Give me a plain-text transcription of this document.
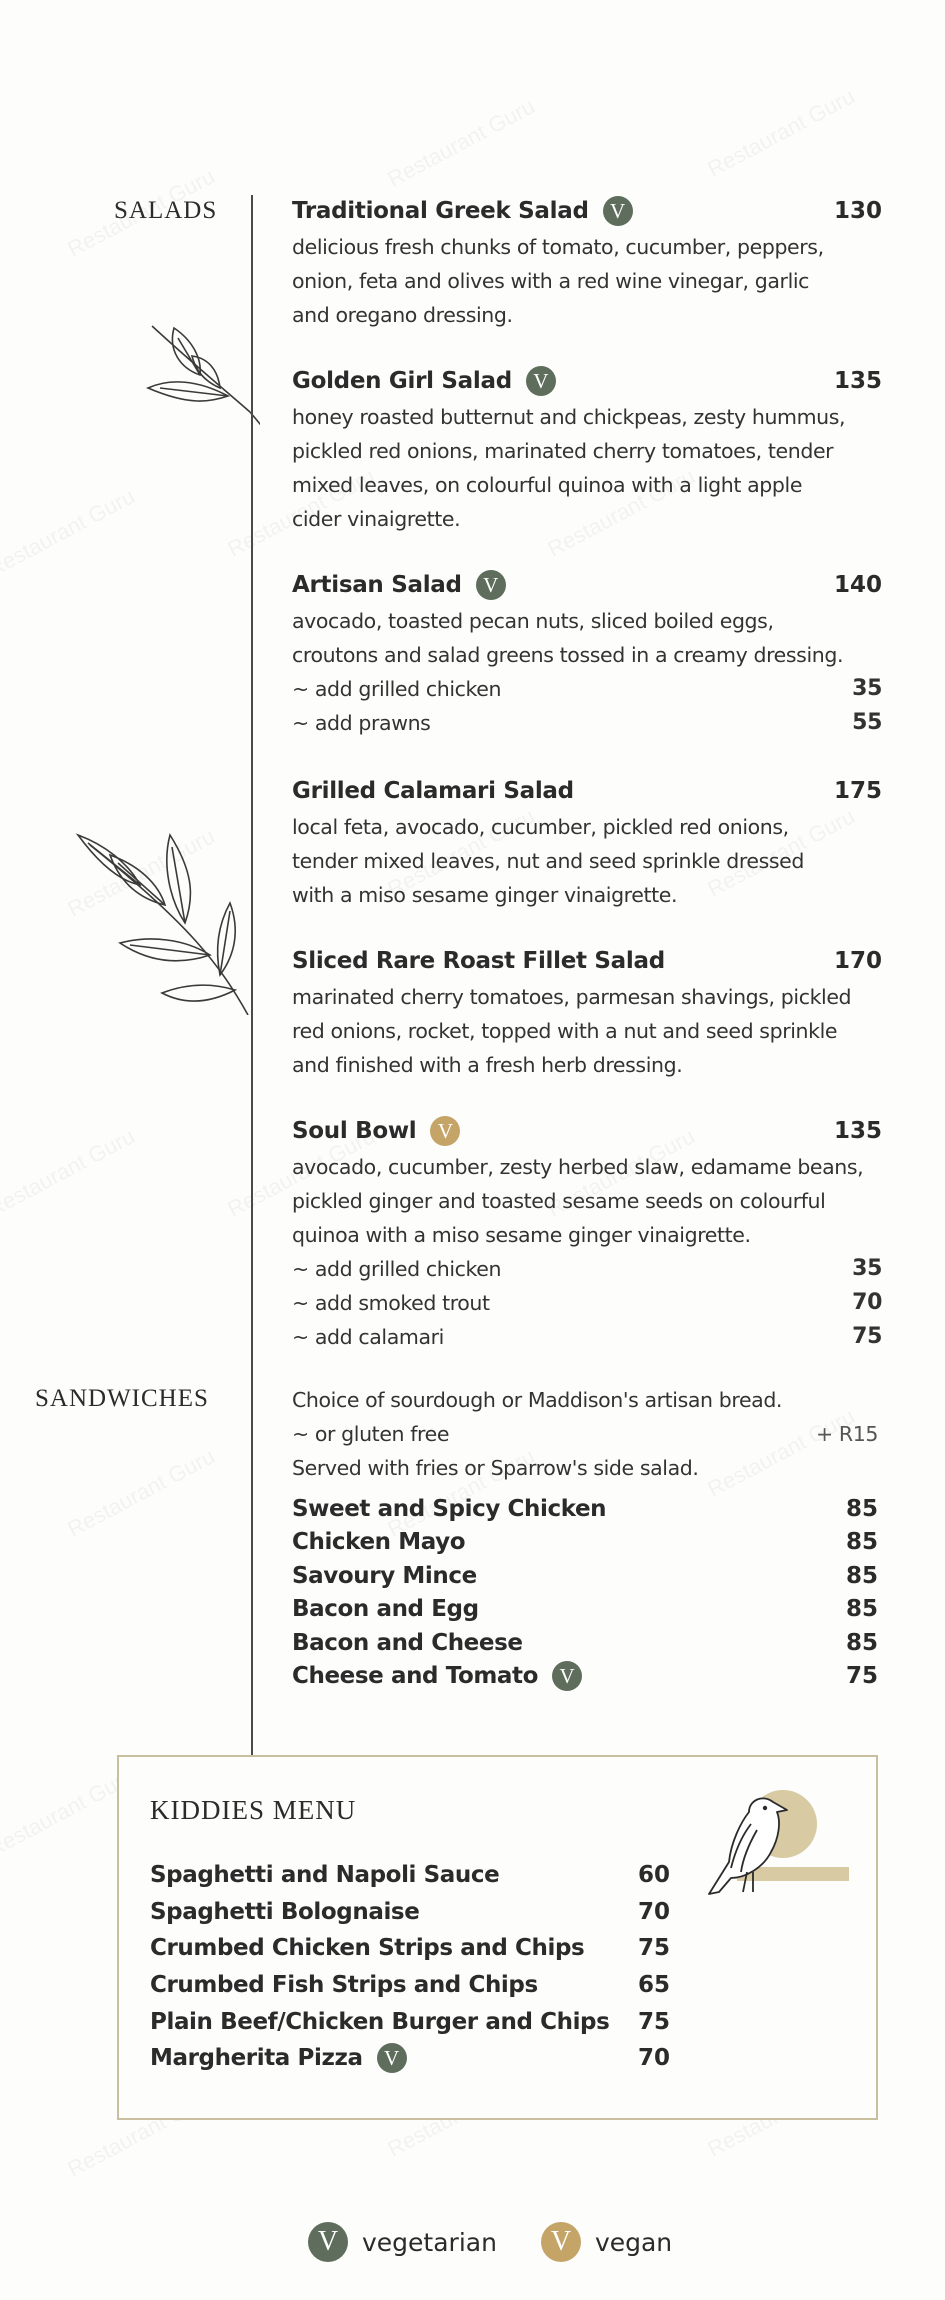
SALADS	Traditional Greek Salad	V	130
delicious fresh chunks of tomato, cucumber, peppers,
onion, feta and olives with a red wine vinegar, garlic
and oregano dressing.
Golden Girl Salad	V	135
honey roasted butternut and chickpeas, zesty hummus,
pickled red onions, marinated cherry tomatoes, tender
mixed leaves, on colourful quinoa with a light apple
cider vinaigrette.
Artisan Salad	V	140
avocado, toasted pecan nuts, sliced boiled eggs,
croutons and salad greens tossed in a creamy dressing.
~ add grilled chicken	35
~ add prawns	55
Grilled Calamari Salad	175
local feta, avocado, cucumber, pickled red onions,
tender mixed leaves, nut and seed sprinkle dressed
with a miso sesame ginger vinaigrette.
Sliced Rare Roast Fillet Salad	170
marinated cherry tomatoes, parmesan shavings, pickled
red onions, rocket, topped with a nut and seed sprinkle
and finished with a fresh herb dressing.
Soul Bowl	V	135
avocado, cucumber, zesty herbed slaw, edamame beans,
pickled ginger and toasted sesame seeds on colourful
quinoa with a miso sesame ginger vinaigrette.
~ add grilled chicken	35
~ add smoked trout	70
~ add calamari	75
SANDWICHES	Choice of sourdough or Maddison's artisan bread.
~ or gluten free	+ R15
Served with fries or Sparrow's side salad.
Sweet and Spicy Chicken	85
Chicken Mayo	85
Savoury Mince	85
Bacon and Egg	85
Bacon and Cheese	85
Cheese and Tomato	V	75
KIDDIES MENU
Spaghetti and Napoli Sauce	60
Spaghetti Bolognaise	70
Crumbed Chicken Strips and Chips 75
Crumbed Fish Strips and Chips	65
Plain Beef/Chicken Burger and Chips 75
Margherita Pizza	V	70
V vegetarian	V vegan
